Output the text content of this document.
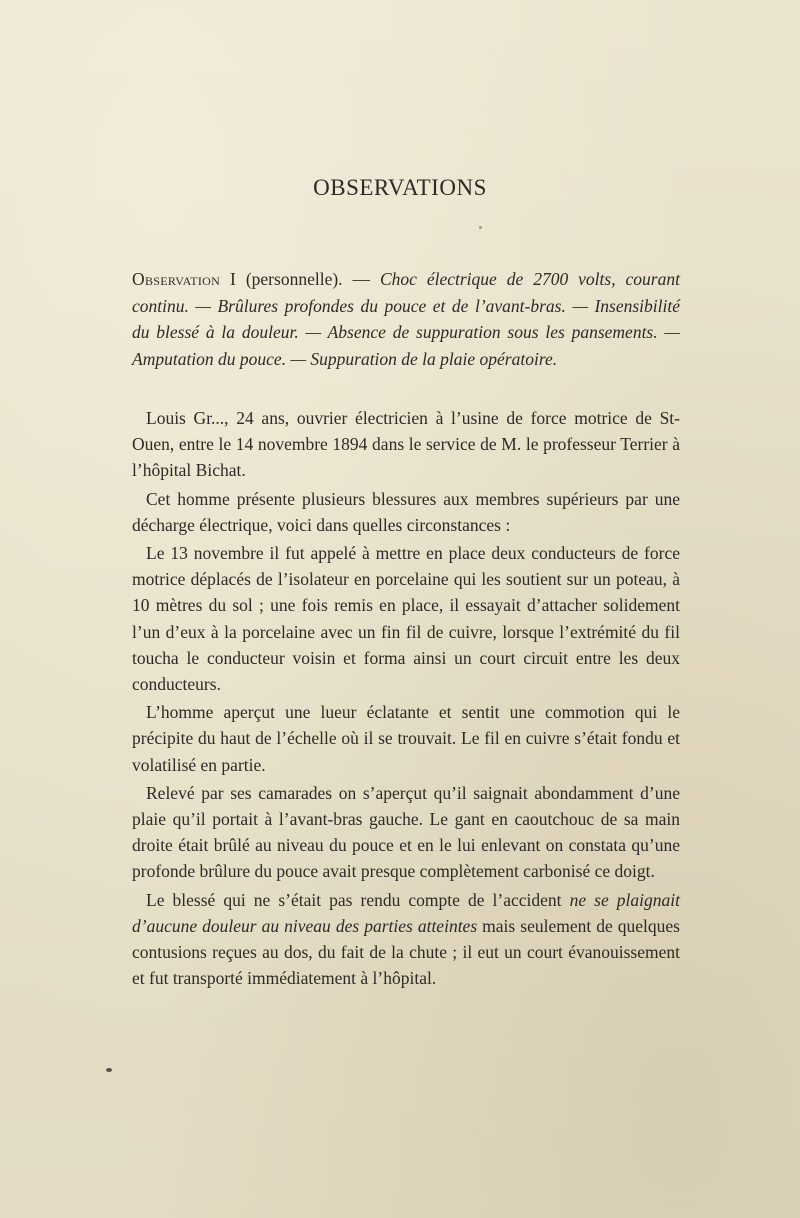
OBSERVATIONS

Observation I (personnelle). — Choc électrique de 2700 volts, courant continu. — Brûlures profondes du pouce et de l’avant-bras. — Insensibilité du blessé à la douleur. — Absence de suppuration sous les pansements. — Amputation du pouce. — Suppuration de la plaie opératoire.

Louis Gr..., 24 ans, ouvrier électricien à l’usine de force motrice de St-Ouen, entre le 14 novembre 1894 dans le service de M. le professeur Terrier à l’hôpital Bichat.

Cet homme présente plusieurs blessures aux membres supérieurs par une décharge électrique, voici dans quelles circonstances :

Le 13 novembre il fut appelé à mettre en place deux conducteurs de force motrice déplacés de l’isolateur en porcelaine qui les soutient sur un poteau, à 10 mètres du sol ; une fois remis en place, il essayait d’attacher solidement l’un d’eux à la porcelaine avec un fin fil de cuivre, lorsque l’extrémité du fil toucha le conducteur voisin et forma ainsi un court circuit entre les deux conducteurs.

L’homme aperçut une lueur éclatante et sentit une commotion qui le précipite du haut de l’échelle où il se trouvait. Le fil en cuivre s’était fondu et volatilisé en partie.

Relevé par ses camarades on s’aperçut qu’il saignait abondamment d’une plaie qu’il portait à l’avant-bras gauche. Le gant en caoutchouc de sa main droite était brûlé au niveau du pouce et en le lui enlevant on constata qu’une profonde brûlure du pouce avait presque complètement carbonisé ce doigt.

Le blessé qui ne s’était pas rendu compte de l’accident ne se plaignait d’aucune douleur au niveau des parties atteintes mais seulement de quelques contusions reçues au dos, du fait de la chute ; il eut un court évanouissement et fut transporté immédiatement à l’hôpital.
